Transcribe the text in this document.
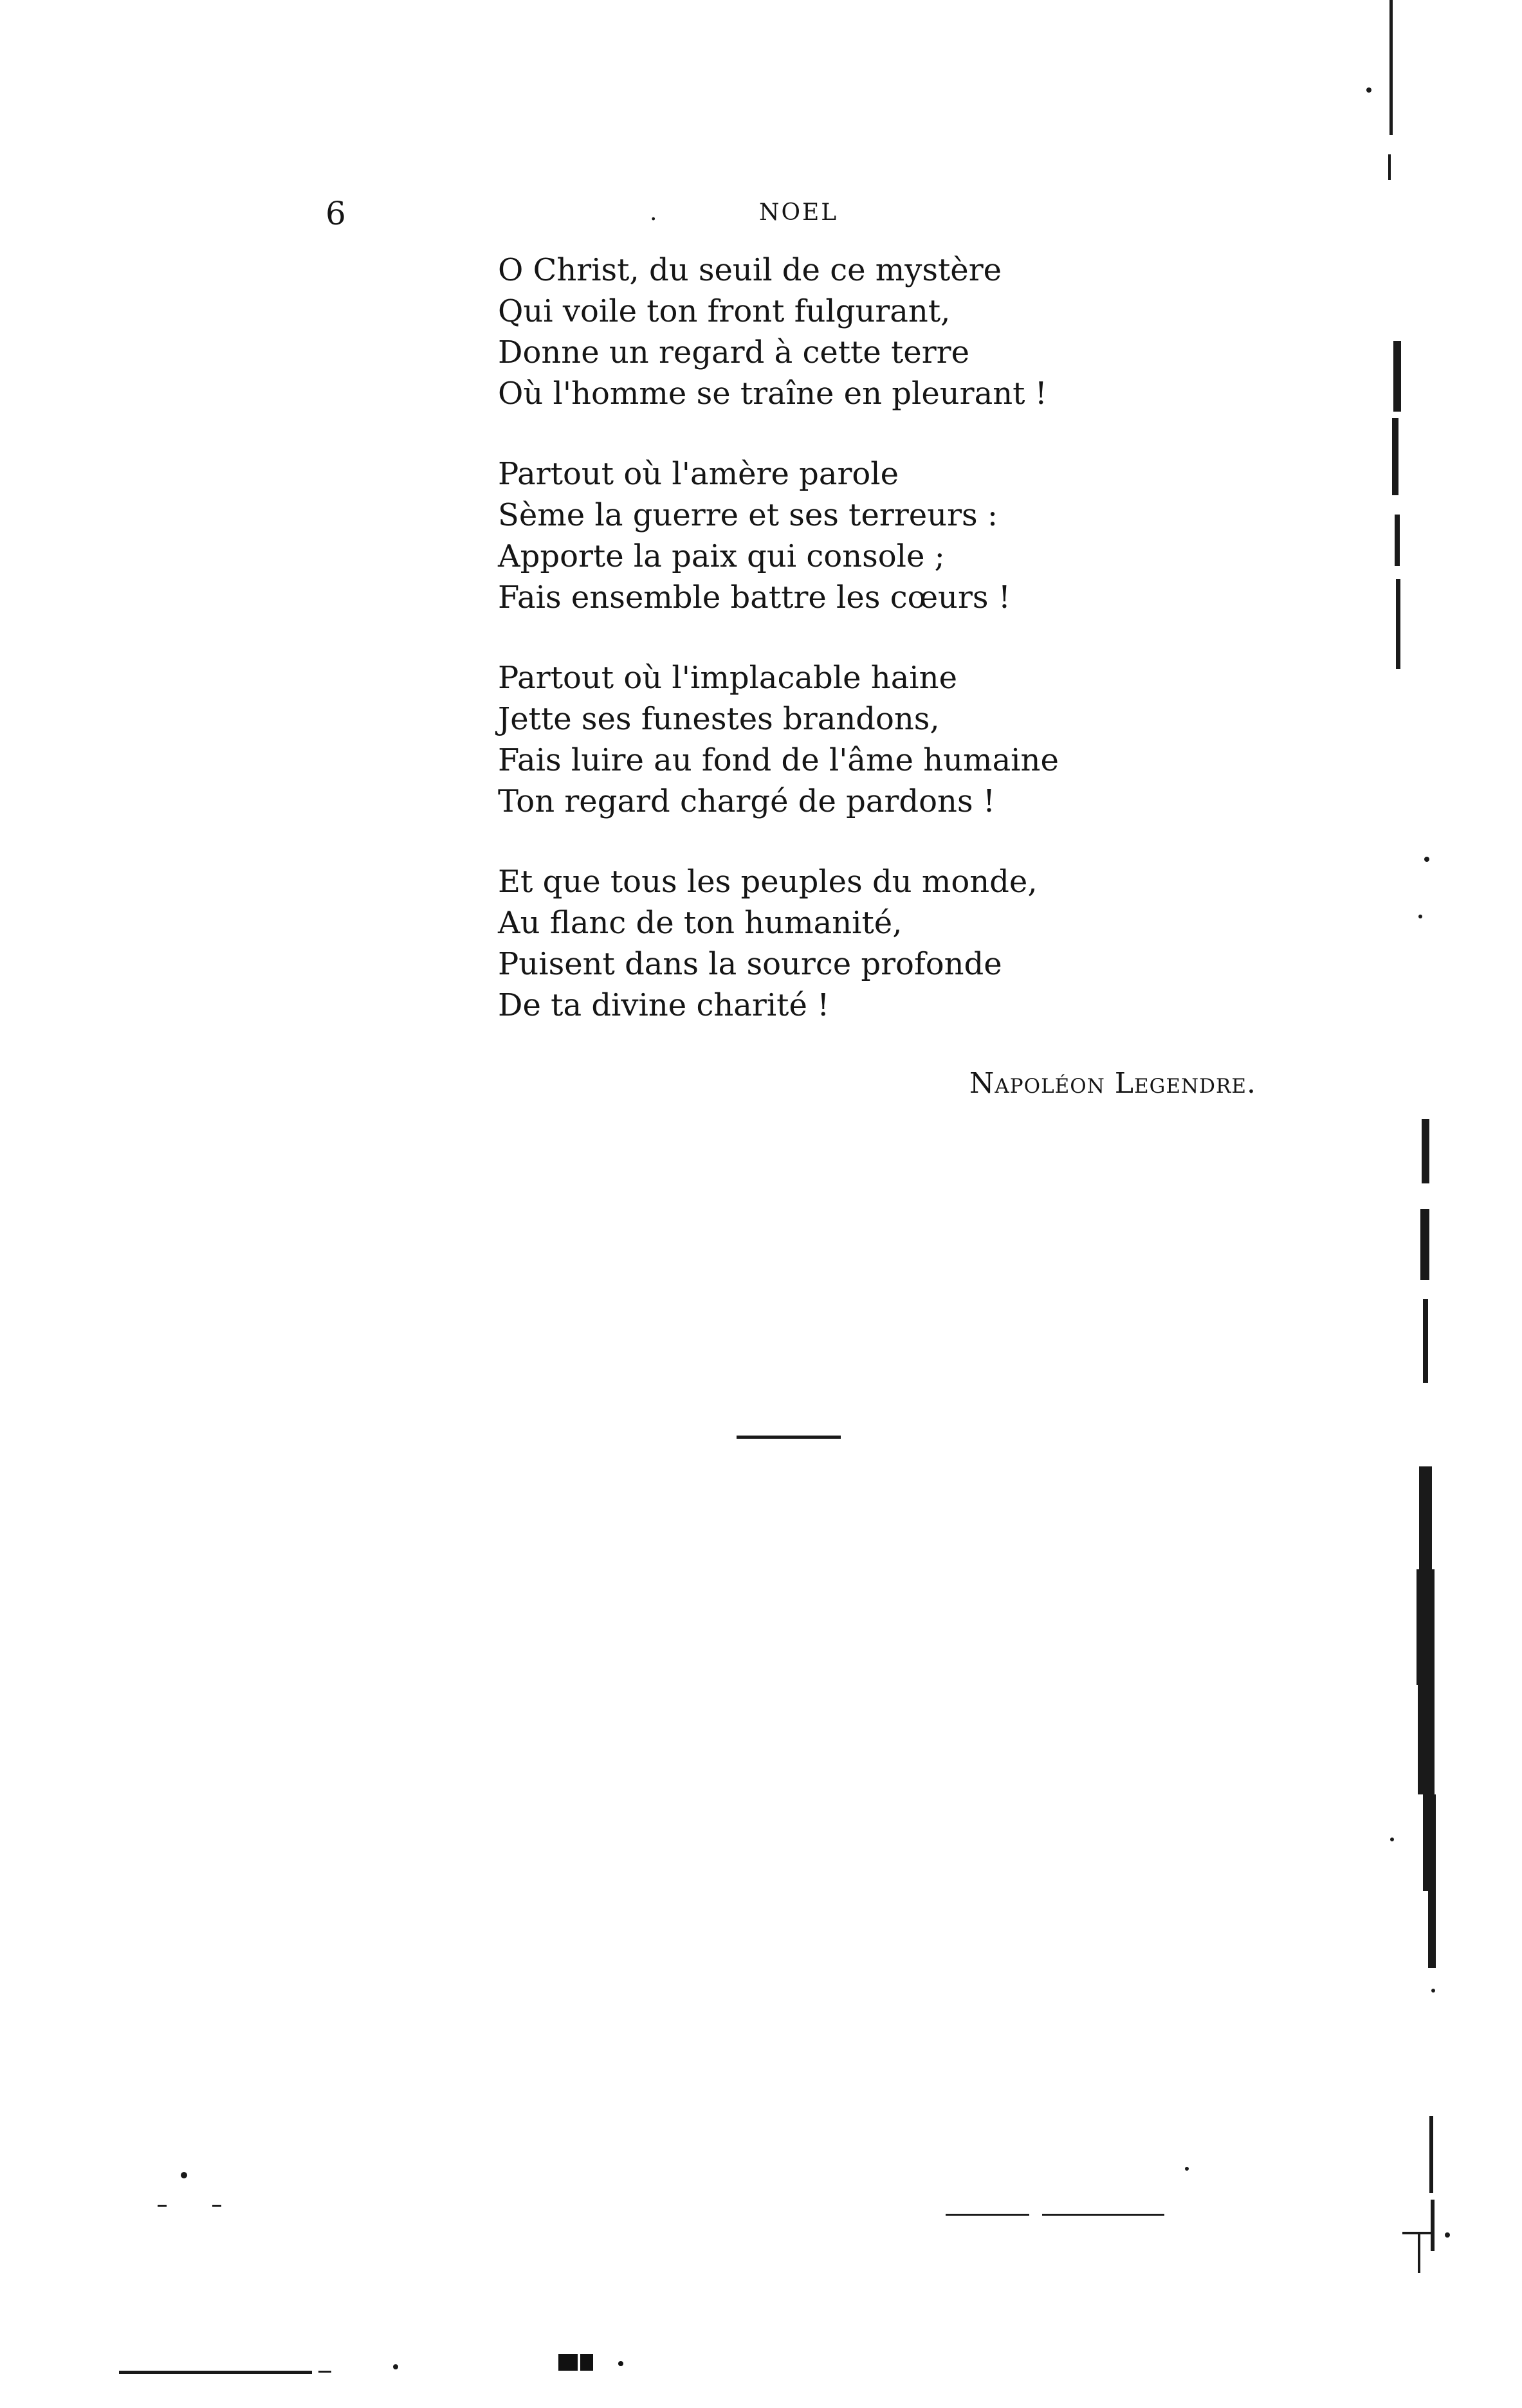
6	.	NOEL
O Christ, du seuil de ce mystère
Qui voile ton front fulgurant,
Donne un regard à cette terre
Où l'homme se traîne en pleurant !
Partout où l'amère parole
Sème la guerre et ses terreurs :
Apporte la paix qui console ;
Fais ensemble battre les cœurs !
Partout où l'implacable haine
Jette ses funestes brandons,
Fais luire au fond de l'âme humaine
Ton regard chargé de pardons !
Et que tous les peuples du monde,
Au flanc de ton humanité,
Puisent dans la source profonde
De ta divine charité !
Napoléon Legendre.
